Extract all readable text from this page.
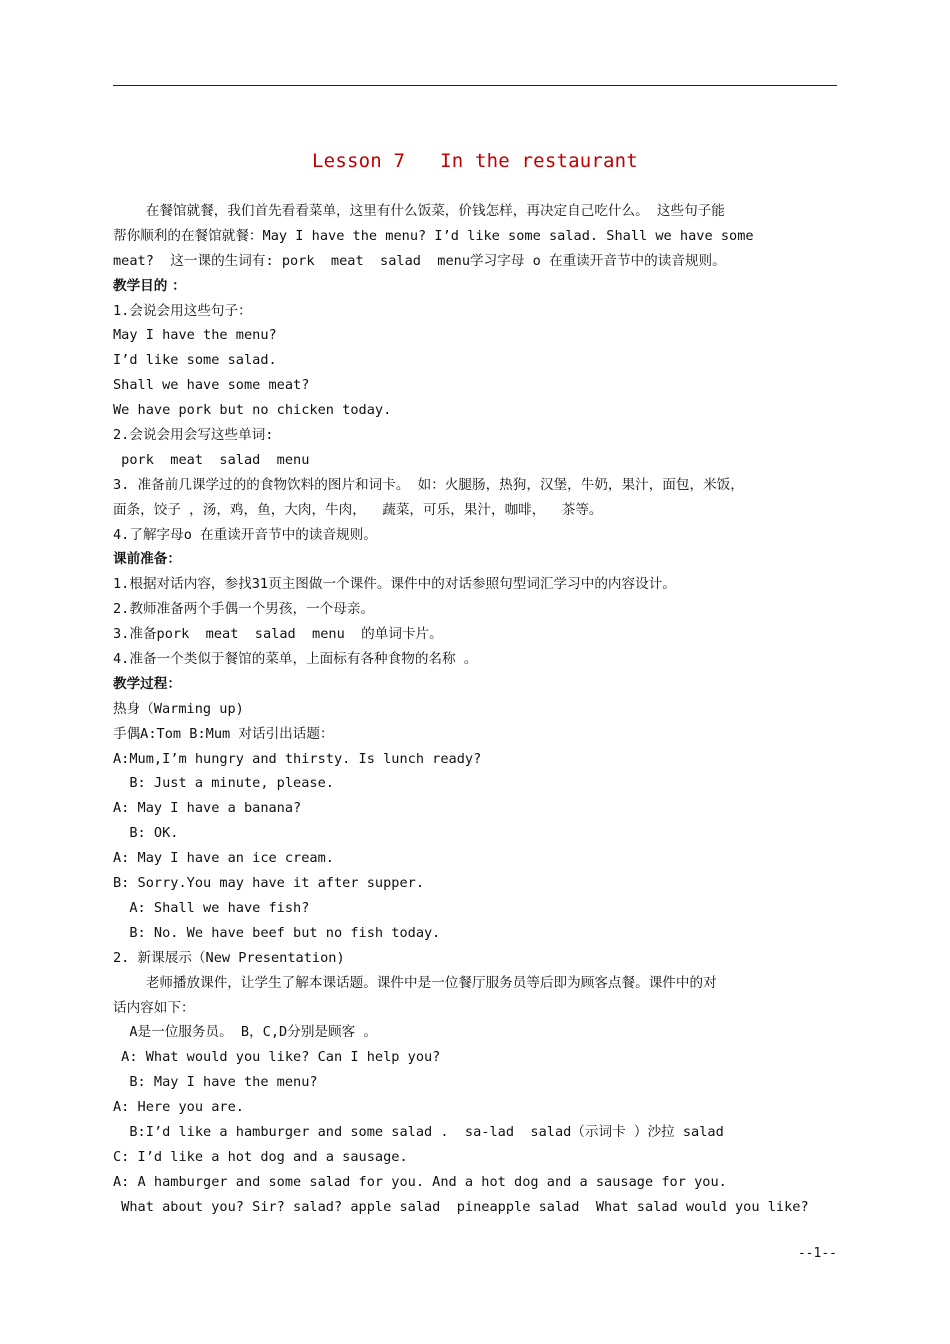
Lesson 7   In the restaurant
在餐馆就餐，我们首先看看菜单，这里有什么饭菜，价钱怎样，再决定自己吃什么。 这些句子能
帮你顺利的在餐馆就餐：May I have the menu? I’d like some salad. Shall we have some
meat?  这一课的生词有: pork  meat  salad  menu学习字母 o 在重读开音节中的读音规则。
教学目的 ：
1.会说会用这些句子：
May I have the menu?
I’d like some salad.
Shall we have some meat?
We have pork but no chicken today.
2.会说会用会写这些单词:
pork  meat  salad  menu
3. 准备前几课学过的的食物饮料的图片和词卡。 如：火腿肠，热狗，汉堡，牛奶，果汁，面包，米饭，
面条，饺子 ，汤，鸡，鱼，大肉，牛肉，  蔬菜，可乐，果汁，咖啡，  茶等。
4.了解字母o 在重读开音节中的读音规则。
课前准备：
1.根据对话内容，参找31页主图做一个课件。课件中的对话参照句型词汇学习中的内容设计。
2.教师准备两个手偶一个男孩，一个母亲。
3.准备pork  meat  salad  menu  的单词卡片。
4.准备一个类似于餐馆的菜单，上面标有各种食物的名称 。
教学过程：
热身（Warming up)
手偶A:Tom B:Mum 对话引出话题：
A:Mum,I’m hungry and thirsty. Is lunch ready?
B: Just a minute, please.
A: May I have a banana?
B: OK.
A: May I have an ice cream.
B: Sorry.You may have it after supper.
A: Shall we have fish?
B: No. We have beef but no fish today.
2. 新课展示（New Presentation)
老师播放课件，让学生了解本课话题。课件中是一位餐厅服务员等后即为顾客点餐。课件中的对
话内容如下：
A是一位服务员。 B，C,D分别是顾客 。
A: What would you like? Can I help you?
B: May I have the menu?
A: Here you are.
B:I’d like a hamburger and some salad .  sa-lad  salad（示词卡 ）沙拉 salad
C: I’d like a hot dog and a sausage.
A: A hamburger and some salad for you. And a hot dog and a sausage for you.
What about you? Sir? salad? apple salad  pineapple salad  What salad would you like?
--1--
